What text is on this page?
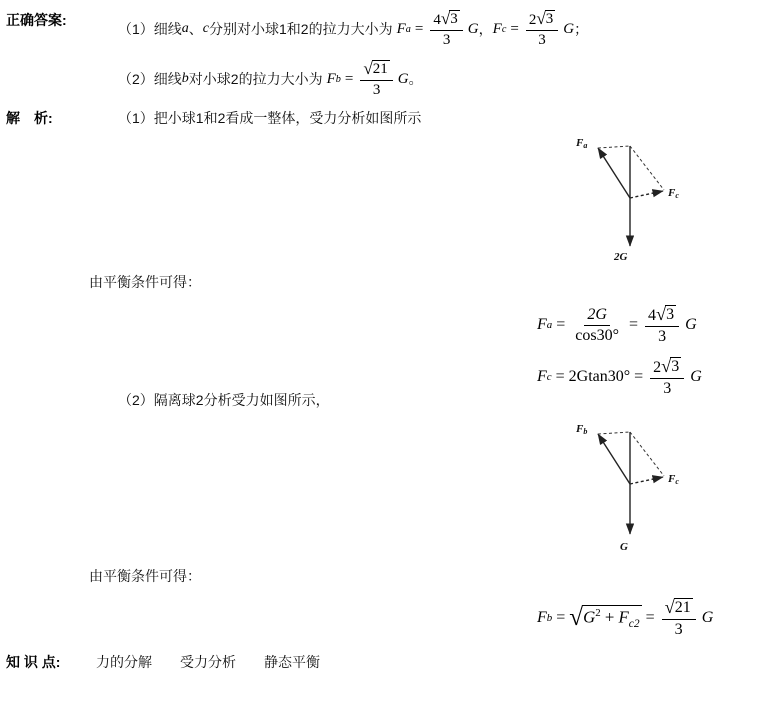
正确答案:
（1）细线 a 、 c 分别对小球1和2的拉力大小为 F $a = \frac{4 √ 3}{3}$ G ， F $c = \frac{2 √ 3}{3}$ G ；
（2）细线 b 对小球2的拉力大小为 F $b = \frac{√ 21}{3}$ G 。
解　析:	（1）把小球1和2看成一整体，受力分析如图所示
由平衡条件可得：
（2）隔离球2分析受力如图所示，
由平衡条件可得：
Fa
Fc
2G
F $a = \frac{2G}{\cos 30^\circ} = \frac{4 √ 3}{3}$ G
F $c = 2Gtan30^\circ = \frac{2 √ 3}{3}$ G
Fb
Fc
G
F b = √ $G^2 + Fc2 = \frac{√ 21}{3}$ G
知 识 点:	力的分解 受力分析 静态平衡
